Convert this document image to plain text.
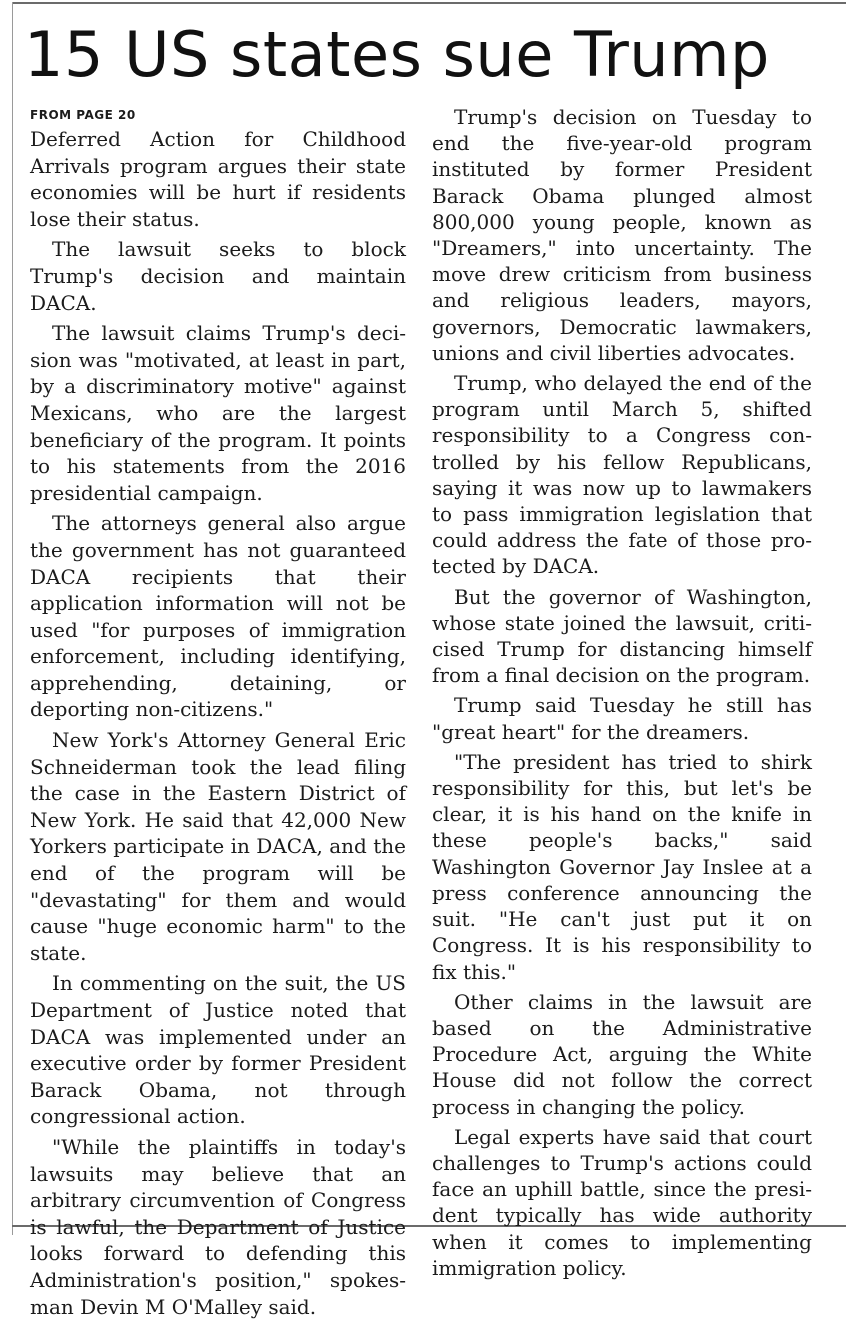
15 US states sue Trump
FROM PAGE 20

Deferred Action for Childhood Arrivals program argues their state economies will be hurt if residents lose their status.

The lawsuit seeks to block Trump's decision and maintain DACA.

The lawsuit claims Trump's decision was "motivated, at least in part, by a discriminatory motive" against Mexicans, who are the largest beneficiary of the program. It points to his statements from the 2016 presidential campaign.

The attorneys general also argue the government has not guaranteed DACA recipients that their application information will not be used "for purposes of immigration enforcement, including identifying, apprehending, detaining, or deporting non-citizens."

New York's Attorney General Eric Schneiderman took the lead filing the case in the Eastern District of New York. He said that 42,000 New Yorkers participate in DACA, and the end of the program will be "devastating" for them and would cause "huge economic harm" to the state.

In commenting on the suit, the US Department of Justice noted that DACA was implemented under an executive order by former President Barack Obama, not through congressional action.

"While the plaintiffs in today's lawsuits may believe that an arbitrary circumvention of Congress is lawful, the Department of Justice looks forward to defending this Administration's position," spokesman Devin M O'Malley said.

Trump's decision on Tuesday to end the five-year-old program instituted by former President Barack Obama plunged almost 800,000 young people, known as "Dreamers," into uncertainty. The move drew criticism from business and religious leaders, mayors, governors, Democratic lawmakers, unions and civil liberties advocates.

Trump, who delayed the end of the program until March 5, shifted responsibility to a Congress controlled by his fellow Republicans, saying it was now up to lawmakers to pass immigration legislation that could address the fate of those protected by DACA.

But the governor of Washington, whose state joined the lawsuit, criticised Trump for distancing himself from a final decision on the program.

Trump said Tuesday he still has "great heart" for the dreamers.

"The president has tried to shirk responsibility for this, but let's be clear, it is his hand on the knife in these people's backs," said Washington Governor Jay Inslee at a press conference announcing the suit. "He can't just put it on Congress. It is his responsibility to fix this."

Other claims in the lawsuit are based on the Administrative Procedure Act, arguing the White House did not follow the correct process in changing the policy.

Legal experts have said that court challenges to Trump's actions could face an uphill battle, since the president typically has wide authority when it comes to implementing immigration policy.
